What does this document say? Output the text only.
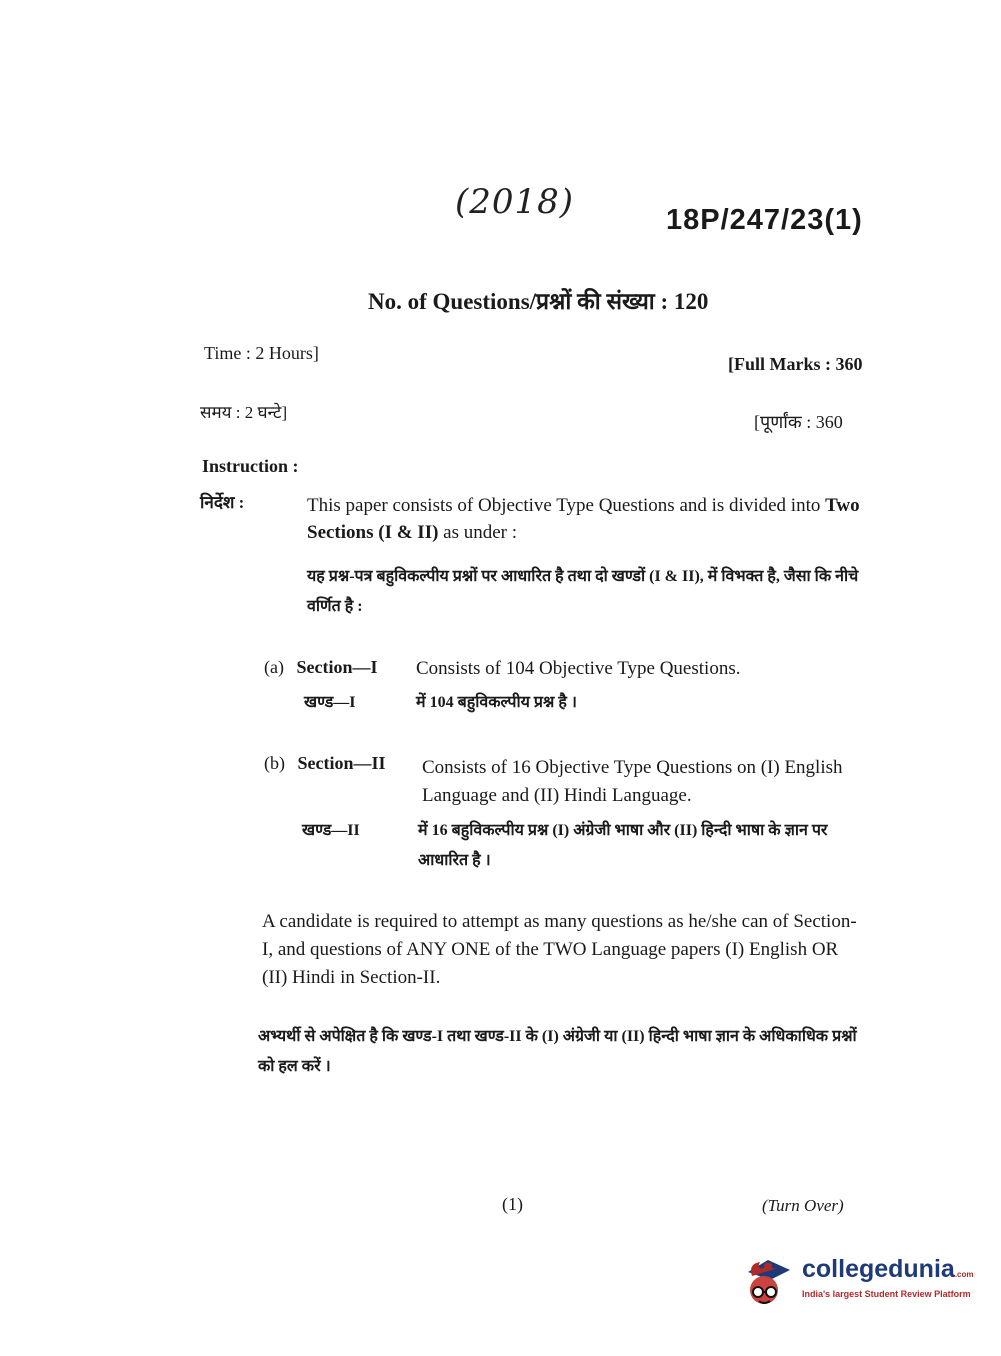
(2018)	18P/247/23(1)
No. of Questions/प्रश्नों की संख्या : 120
Time : 2 Hours]
[Full Marks : 360
समय : 2 घन्टे]	[पूर्णांक : 360
Instruction :
निर्देश :	This paper consists of Objective Type Questions and is divided into Two Sections (I & II) as under :
यह प्रश्न-पत्र बहुविकल्पीय प्रश्नों पर आधारित है तथा दो खण्डों (I & II), में विभक्त है, जैसा कि नीचे वर्णित है :
(a) Section—I Consists of 104 Objective Type Questions.
खण्ड—I	में 104 बहुविकल्पीय प्रश्न है ।
(b) Section—II Consists of 16 Objective Type Questions on (I) English Language and (II) Hindi Language.
खण्ड—II	में 16 बहुविकल्पीय प्रश्न (I) अंग्रेजी भाषा और (II) हिन्दी भाषा के ज्ञान पर आधारित है ।
A candidate is required to attempt as many questions as he/she can of Section-I, and questions of ANY ONE of the TWO Language papers (I) English OR (II) Hindi in Section-II.
अभ्यर्थी से अपेक्षित है कि खण्ड-I तथा खण्ड-II के (I) अंग्रेजी या (II) हिन्दी भाषा ज्ञान के अधिकाधिक प्रश्नों को हल करें ।
(1)	(Turn Over)
collegedunia.com
India's largest Student Review Platform
